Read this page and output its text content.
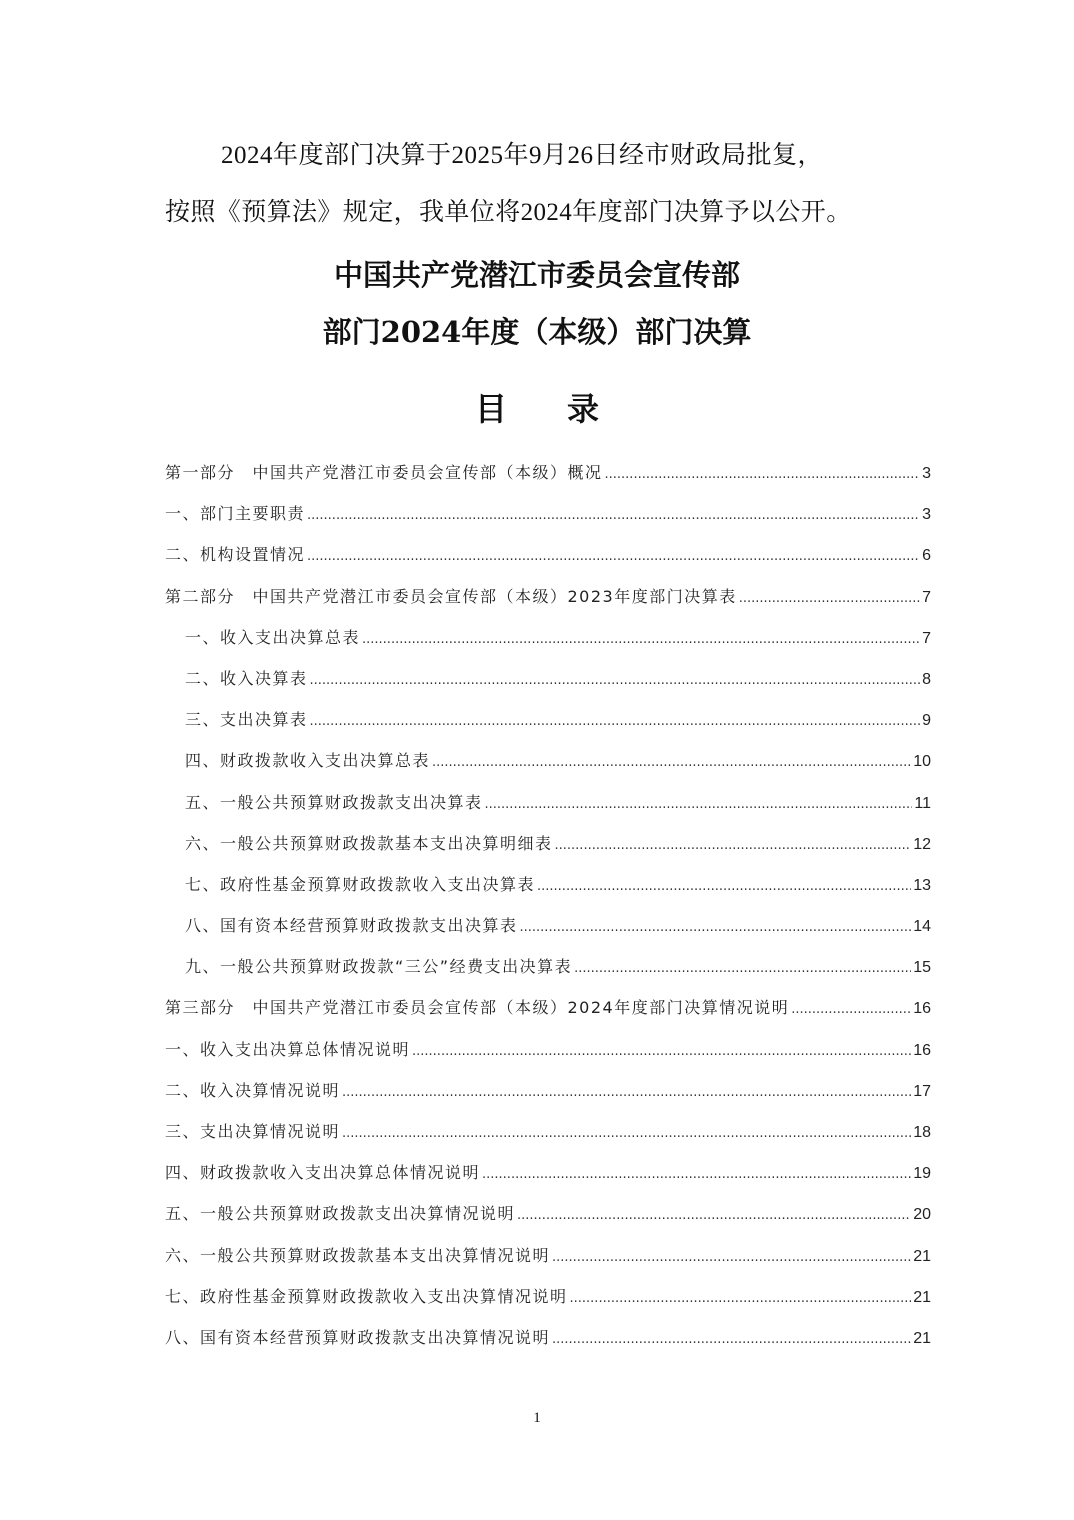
2024年度部门决算于2025年9月26日经市财政局批复，
按照《预算法》规定，我单位将2024年度部门决算予以公开。
中国共产党潜江市委员会宣传部
部门2024年度（本级）部门决算
目录
第一部分　中国共产党潜江市委员会宣传部（本级）概况 .....	3
一、部门主要职责 .....	3
二、机构设置情况 .....	6
第二部分　中国共产党潜江市委员会宣传部（本级）2023年度部门决算表 .....	7
一、收入支出决算总表 .....	7
二、收入决算表 .....	8
三、支出决算表 .....	9
四、财政拨款收入支出决算总表 .....	10
五、一般公共预算财政拨款支出决算表 .....	11
六、一般公共预算财政拨款基本支出决算明细表 .....	12
七、政府性基金预算财政拨款收入支出决算表 .....	13
八、国有资本经营预算财政拨款支出决算表 .....	14
九、一般公共预算财政拨款“三公”经费支出决算表 .....	15
第三部分　中国共产党潜江市委员会宣传部（本级）2024年度部门决算情况说明 .....	16
一、收入支出决算总体情况说明 .....	16
二、收入决算情况说明 .....	17
三、支出决算情况说明 .....	18
四、财政拨款收入支出决算总体情况说明 .....	19
五、一般公共预算财政拨款支出决算情况说明 .....	20
六、一般公共预算财政拨款基本支出决算情况说明 .....	21
七、政府性基金预算财政拨款收入支出决算情况说明 .....	21
八、国有资本经营预算财政拨款支出决算情况说明 .....	21
1
